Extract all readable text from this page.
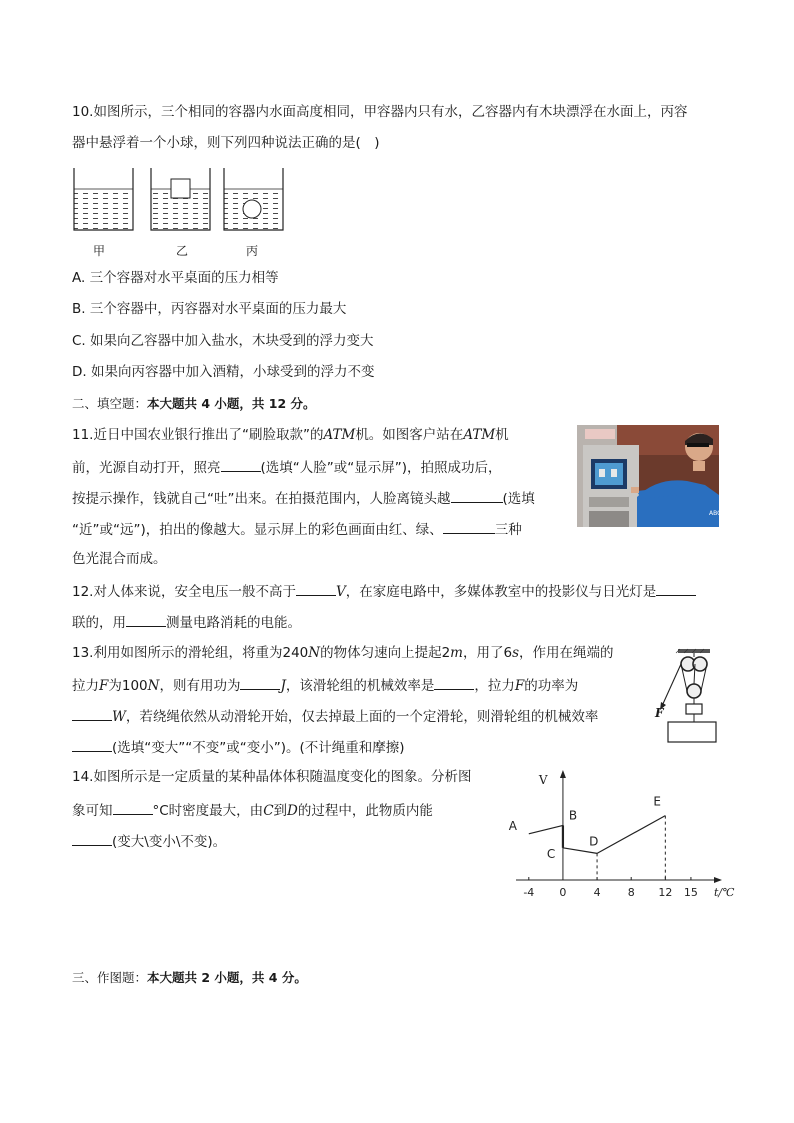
10.如图所示，三个相同的容器内水面高度相同，甲容器内只有水，乙容器内有木块漂浮在水面上，丙容
器中悬浮着一个小球，则下列四种说法正确的是(　)
甲	乙	丙
A. 三个容器对水平桌面的压力相等
B. 三个容器中，丙容器对水平桌面的压力最大
C. 如果向乙容器中加入盐水，木块受到的浮力变大
D. 如果向丙容器中加入酒精，小球受到的浮力不变
二、填空题：本大题共 4 小题，共 12 分。
11.近日中国农业银行推出了“刷脸取款”的ATM机。如图客户站在ATM机
前，光源自动打开，照亮	(选填“人脸”或“显示屏”)，拍照成功后，
按提示操作，钱就自己“吐”出来。在拍摄范围内，人脸离镜头越	(选填
“近”或“远”)，拍出的像越大。显示屏上的彩色画面由红、绿、	三种
色光混合而成。
ABC
12.对人体来说，安全电压一般不高于	V，在家庭电路中，多媒体教室中的投影仪与日光灯是
联的，用	测量电路消耗的电能。
13.利用如图所示的滑轮组，将重为240N的物体匀速向上提起2m，用了6s，作用在绳端的
拉力F为100N，则有用功为	J，该滑轮组的机械效率是	，拉力F的功率为
W，若绕绳依然从动滑轮开始，仅去掉最上面的一个定滑轮，则滑轮组的机械效率
(选填“变大”“不变”或“变小”)。(不计绳重和摩擦)
F
14.如图所示是一定质量的某种晶体体积随温度变化的图象。分析图
象可知	°C时密度最大，由C到D的过程中，此物质内能
(变大\变小\不变)。
V
-4 0 4 8 12 15 t/℃
A
B
C
D
E
三、作图题：本大题共 2 小题，共 4 分。
